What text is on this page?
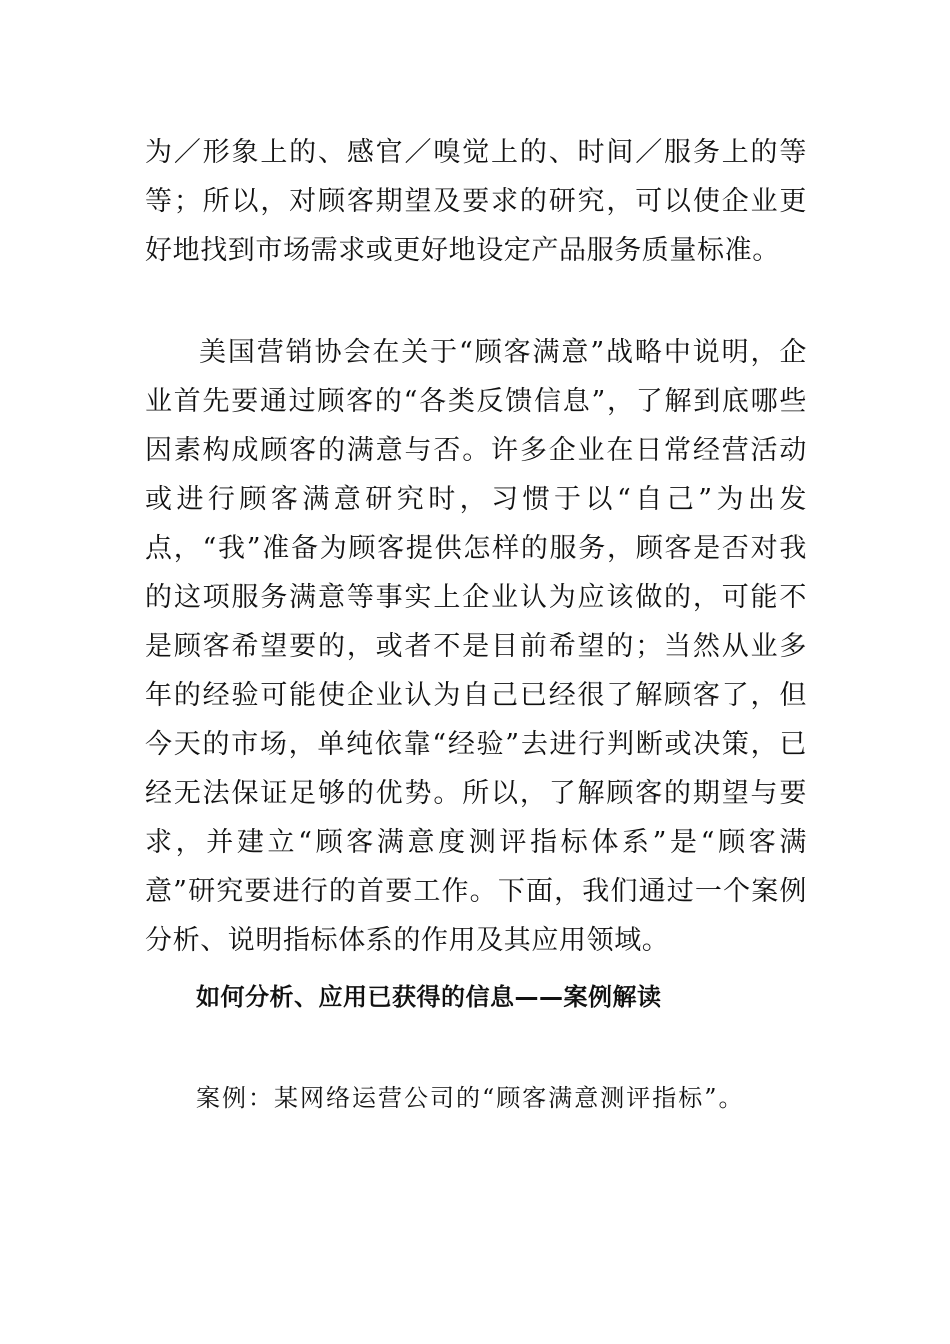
为／形象上的、感官／嗅觉上的、时间／服务上的等等；所以，对顾客期望及要求的研究，可以使企业更好地找到市场需求或更好地设定产品服务质量标准。

美国营销协会在关于“顾客满意”战略中说明，企业首先要通过顾客的“各类反馈信息”，了解到底哪些因素构成顾客的满意与否。许多企业在日常经营活动或进行顾客满意研究时，习惯于以“自己”为出发点，“我”准备为顾客提供怎样的服务，顾客是否对我的这项服务满意等事实上企业认为应该做的，可能不是顾客希望要的，或者不是目前希望的；当然从业多年的经验可能使企业认为自己已经很了解顾客了，但今天的市场，单纯依靠“经验”去进行判断或决策，已经无法保证足够的优势。所以，了解顾客的期望与要求，并建立“顾客满意度测评指标体系”是“顾客满意”研究要进行的首要工作。下面，我们通过一个案例分析、说明指标体系的作用及其应用领域。

如何分析、应用已获得的信息——案例解读

案例：某网络运营公司的“顾客满意测评指标”。
